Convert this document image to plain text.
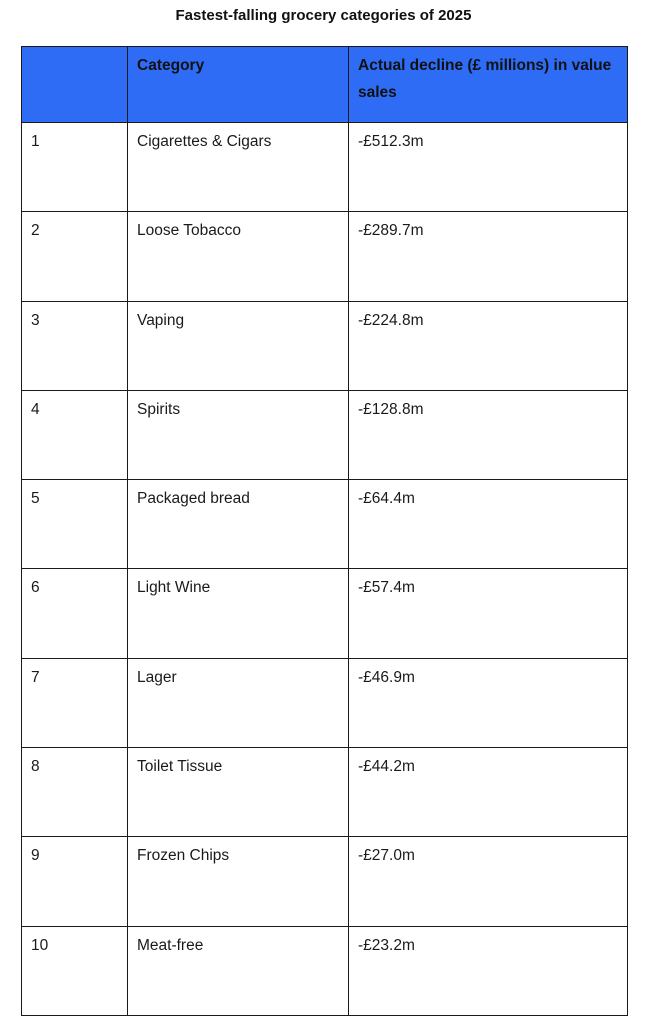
Fastest-falling grocery categories of 2025
	Category	Actual decline (£ millions) in value sales
1	Cigarettes & Cigars	-£512.3m
2	Loose Tobacco	-£289.7m
3	Vaping	-£224.8m
4	Spirits	-£128.8m
5	Packaged bread	-£64.4m
6	Light Wine	-£57.4m
7	Lager	-£46.9m
8	Toilet Tissue	-£44.2m
9	Frozen Chips	-£27.0m
10	Meat-free	-£23.2m
